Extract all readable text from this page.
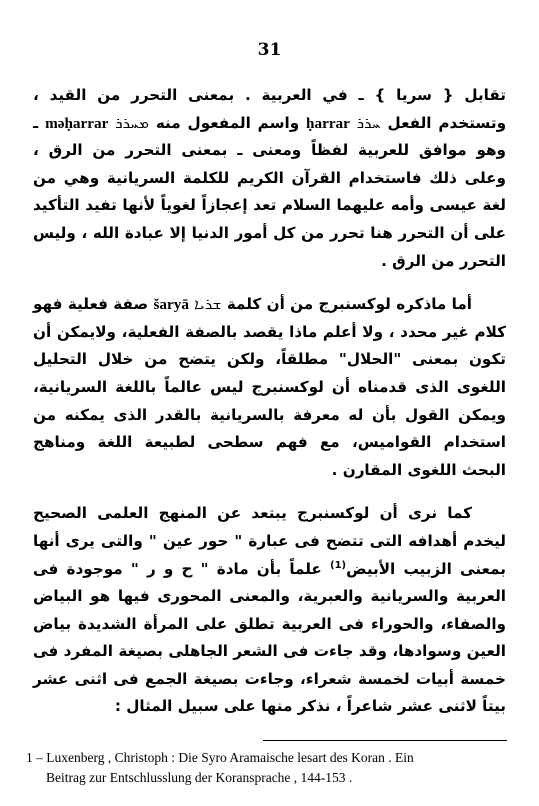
31

تقابل { سريا } ـ في العربية . بمعنى التحرر من القيد ، وتستخدم الفعل ܚܪܪ ḥarrar واسم المفعول منه ܡܚܪܪ məḥarrar ـ وهو موافق للعربية لفظاً ومعنى ـ بمعنى التحرر من الرق ، وعلى ذلك فاستخدام القرآن الكريم للكلمة السريانية وهي من لغة عيسى وأمه عليهما السلام تعد إعجازاً لغوياً لأنها تفيد التأكيد على أن التحرر هنا تحرر من كل أمور الدنيا إلا عبادة الله ، وليس التحرر من الرق .

أما ماذكره لوكسنبرج من أن كلمة ܫܪܝܐ šaryā صفة فعلية فهو كلام غير محدد ، ولا أعلم ماذا يقصد بالصفة الفعلية، ولايمكن أن تكون بمعنى "الحلال" مطلقاً، ولكن يتضح من خلال التحليل اللغوى الذى قدمناه أن لوكسنبرج ليس عالماً باللغة السريانية، ويمكن القول بأن له معرفة بالسريانية بالقدر الذى يمكنه من استخدام القواميس، مع فهم سطحى لطبيعة اللغة ومناهج البحث اللغوى المقارن .

كما نرى أن لوكسنبرج يبتعد عن المنهج العلمى الصحيح ليخدم أهدافه التى تتضح فى عبارة " حور عين " والتى يرى أنها بمعنى الزبيب الأبيض$^{(1)}$ علماً بأن مادة " ح و ر " موجودة فى العربية والسريانية والعبرية، والمعنى المحورى فيها هو البياض والصفاء، والحوراء فى العربية تطلق على المرأة الشديدة بياض العين وسوادها، وقد جاءت فى الشعر الجاهلى بصيغة المفرد فى خمسة أبيات لخمسة شعراء، وجاءت بصيغة الجمع فى اثنى عشر بيتاً لاثنى عشر شاعراً ، نذكر منها على سبيل المثال :

1 – Luxenberg , Christoph : Die Syro Aramaische lesart des Koran . Ein
Beitrag zur Entschlusslung der Koransprache , 144-153 .
